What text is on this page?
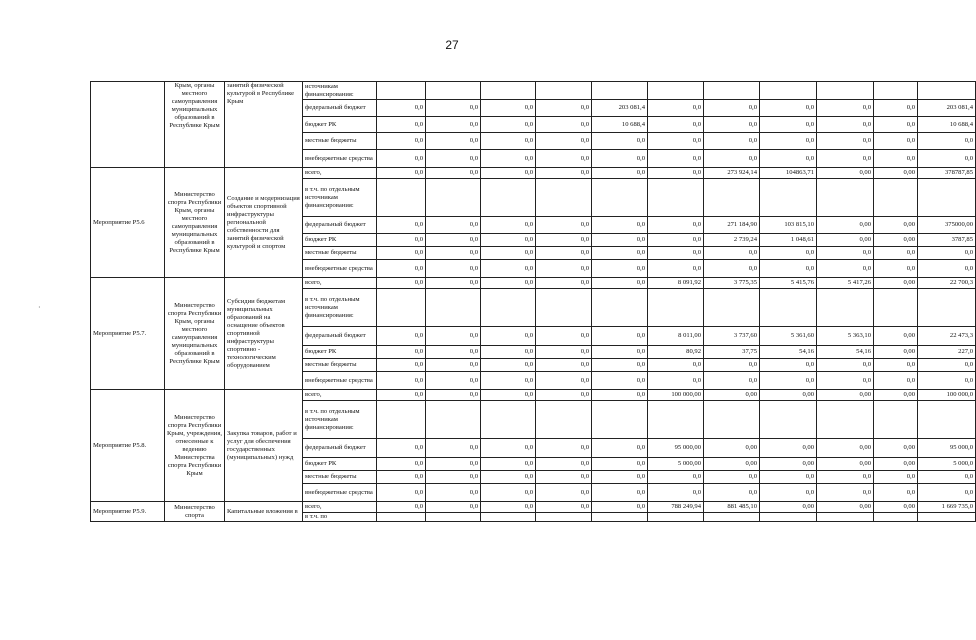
27
	Крым, органы местного самоуправления муниципальных образований в Республике Крым	занятий физической культурой в Республике Крым	источникам финансирования:											
			федеральный бюджет	0,0	0,0	0,0	0,0	203 081,4	0,0	0,0	0,0	0,0	0,0	203 081,4
			бюджет РК	0,0	0,0	0,0	0,0	10 688,4	0,0	0,0	0,0	0,0	0,0	10 688,4
			местные бюджеты	0,0	0,0	0,0	0,0	0,0	0,0	0,0	0,0	0,0	0,0	0,0
			внебюджетные средства	0,0	0,0	0,0	0,0	0,0	0,0	0,0	0,0	0,0	0,0	0,0
Мероприятие Р5.6	Министерство спорта Республики Крым, органы местного самоуправления муниципальных образований в Республике Крым	Создание и модернизация объектов спортивной инфраструктуры региональной собственности для занятий физической культурой и спортом	всего,	0,0	0,0	0,0	0,0	0,0	0,0	273 924,14	104863,71	0,00	0,00	378787,85
			в т.ч. по отдельным источникам финансирования:											
			федеральный бюджет	0,0	0,0	0,0	0,0	0,0	0,0	271 184,90	103 815,10	0,00	0,00	375000,00
			бюджет РК	0,0	0,0	0,0	0,0	0,0	0,0	2 739,24	1 048,61	0,00	0,00	3787,85
			местные бюджеты	0,0	0,0	0,0	0,0	0,0	0,0	0,0	0,0	0,0	0,0	0,0
			внебюджетные средства	0,0	0,0	0,0	0,0	0,0	0,0	0,0	0,0	0,0	0,0	0,0
Мероприятие Р5.7.	Министерство спорта Республики Крым, органы местного самоуправления муниципальных образований в Республике Крым	Субсидии бюджетам муниципальных образований на оснащение объектов спортивной инфраструктуры спортивно - технологическим оборудованием	всего,	0,0	0,0	0,0	0,0	0,0	8 091,92	3 775,35	5 415,76	5 417,26	0,00	22 700,3
			в т.ч. по отдельным источникам финансирования:											
			федеральный бюджет	0,0	0,0	0,0	0,0	0,0	8 011,00	3 737,60	5 361,60	5 363,10	0,00	22 473,3
			бюджет РК	0,0	0,0	0,0	0,0	0,0	80,92	37,75	54,16	54,16	0,00	227,0
			местные бюджеты	0,0	0,0	0,0	0,0	0,0	0,0	0,0	0,0	0,0	0,0	0,0
			внебюджетные средства	0,0	0,0	0,0	0,0	0,0	0,0	0,0	0,0	0,0	0,0	0,0
Мероприятие Р5.8.	Министерство спорта Республики Крым, учреждения, отнесенные к ведению Министерства спорта Республики Крым	Закупка товаров, работ и услуг для обеспечения государственных (муниципальных) нужд	всего,	0,0	0,0	0,0	0,0	0,0	100 000,00	0,00	0,00	0,00	0,00	100 000,0
			в т.ч. по отдельным источникам финансирования:											
			федеральный бюджет	0,0	0,0	0,0	0,0	0,0	95 000,00	0,00	0,00	0,00	0,00	95 000,0
			бюджет РК	0,0	0,0	0,0	0,0	0,0	5 000,00	0,00	0,00	0,00	0,00	5 000,0
			местные бюджеты	0,0	0,0	0,0	0,0	0,0	0,0	0,0	0,0	0,0	0,0	0,0
			внебюджетные средства	0,0	0,0	0,0	0,0	0,0	0,0	0,0	0,0	0,0	0,0	0,0
Мероприятие Р5.9.	Министерство спорта	Капитальные вложения в	всего,	0,0	0,0	0,0	0,0	0,0	788 249,94	881 485,10	0,00	0,00	0,00	1 669 735,0
			в т.ч. по											
·
